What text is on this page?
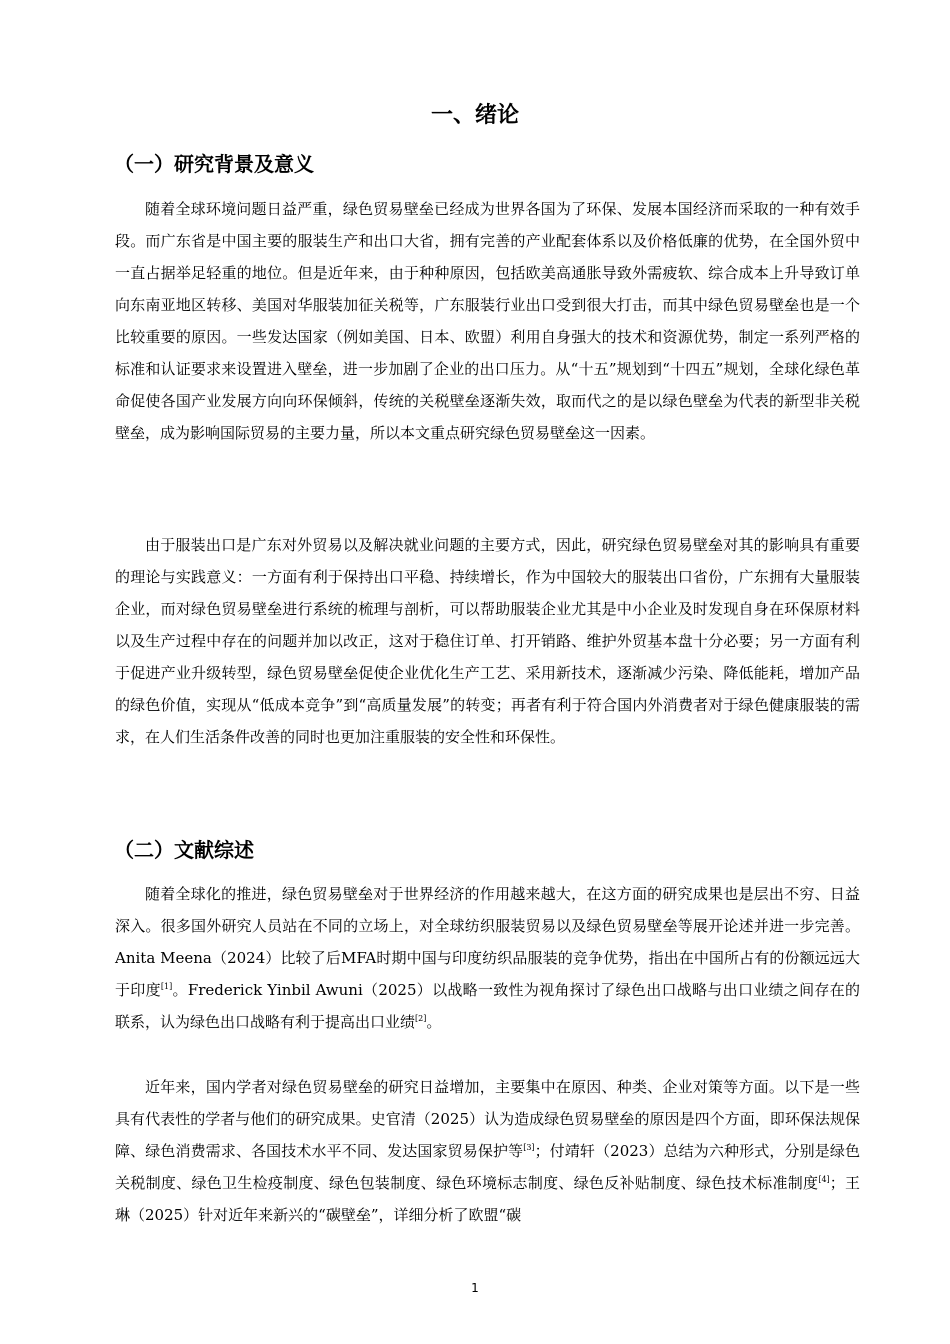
一、绪论
（一）研究背景及意义

随着全球环境问题日益严重，绿色贸易壁垒已经成为世界各国为了环保、发展本国经济而采取的一种有效手段。而广东省是中国主要的服装生产和出口大省，拥有完善的产业配套体系以及价格低廉的优势，在全国外贸中一直占据举足轻重的地位。但是近年来，由于种种原因，包括欧美高通胀导致外需疲软、综合成本上升导致订单向东南亚地区转移、美国对华服装加征关税等，广东服装行业出口受到很大打击，而其中绿色贸易壁垒也是一个比较重要的原因。一些发达国家（例如美国、日本、欧盟）利用自身强大的技术和资源优势，制定一系列严格的标准和认证要求来设置进入壁垒，进一步加剧了企业的出口压力。从“十五”规划到“十四五”规划，全球化绿色革命促使各国产业发展方向向环保倾斜，传统的关税壁垒逐渐失效，取而代之的是以绿色壁垒为代表的新型非关税壁垒，成为影响国际贸易的主要力量，所以本文重点研究绿色贸易壁垒这一因素。

由于服装出口是广东对外贸易以及解决就业问题的主要方式，因此，研究绿色贸易壁垒对其的影响具有重要的理论与实践意义：一方面有利于保持出口平稳、持续增长，作为中国较大的服装出口省份，广东拥有大量服装企业，而对绿色贸易壁垒进行系统的梳理与剖析，可以帮助服装企业尤其是中小企业及时发现自身在环保原材料以及生产过程中存在的问题并加以改正，这对于稳住订单、打开销路、维护外贸基本盘十分必要；另一方面有利于促进产业升级转型，绿色贸易壁垒促使企业优化生产工艺、采用新技术，逐渐减少污染、降低能耗，增加产品的绿色价值，实现从“低成本竞争”到“高质量发展”的转变；再者有利于符合国内外消费者对于绿色健康服装的需求，在人们生活条件改善的同时也更加注重服装的安全性和环保性。

（二）文献综述

随着全球化的推进，绿色贸易壁垒对于世界经济的作用越来越大，在这方面的研究成果也是层出不穷、日益深入。很多国外研究人员站在不同的立场上，对全球纺织服装贸易以及绿色贸易壁垒等展开论述并进一步完善。Anita Meena（2024）比较了后MFA时期中国与印度纺织品服装的竞争优势，指出在中国所占有的份额远远大于印度[1]。Frederick Yinbil Awuni（2025）以战略一致性为视角探讨了绿色出口战略与出口业绩之间存在的联系，认为绿色出口战略有利于提高出口业绩[2]。

近年来，国内学者对绿色贸易壁垒的研究日益增加，主要集中在原因、种类、企业对策等方面。以下是一些具有代表性的学者与他们的研究成果。史官清（2025）认为造成绿色贸易壁垒的原因是四个方面，即环保法规保障、绿色消费需求、各国技术水平不同、发达国家贸易保护等[3]；付靖轩（2023）总结为六种形式，分别是绿色关税制度、绿色卫生检疫制度、绿色包装制度、绿色环境标志制度、绿色反补贴制度、绿色技术标准制度[4]；王琳（2025）针对近年来新兴的“碳壁垒”，详细分析了欧盟“碳

1
